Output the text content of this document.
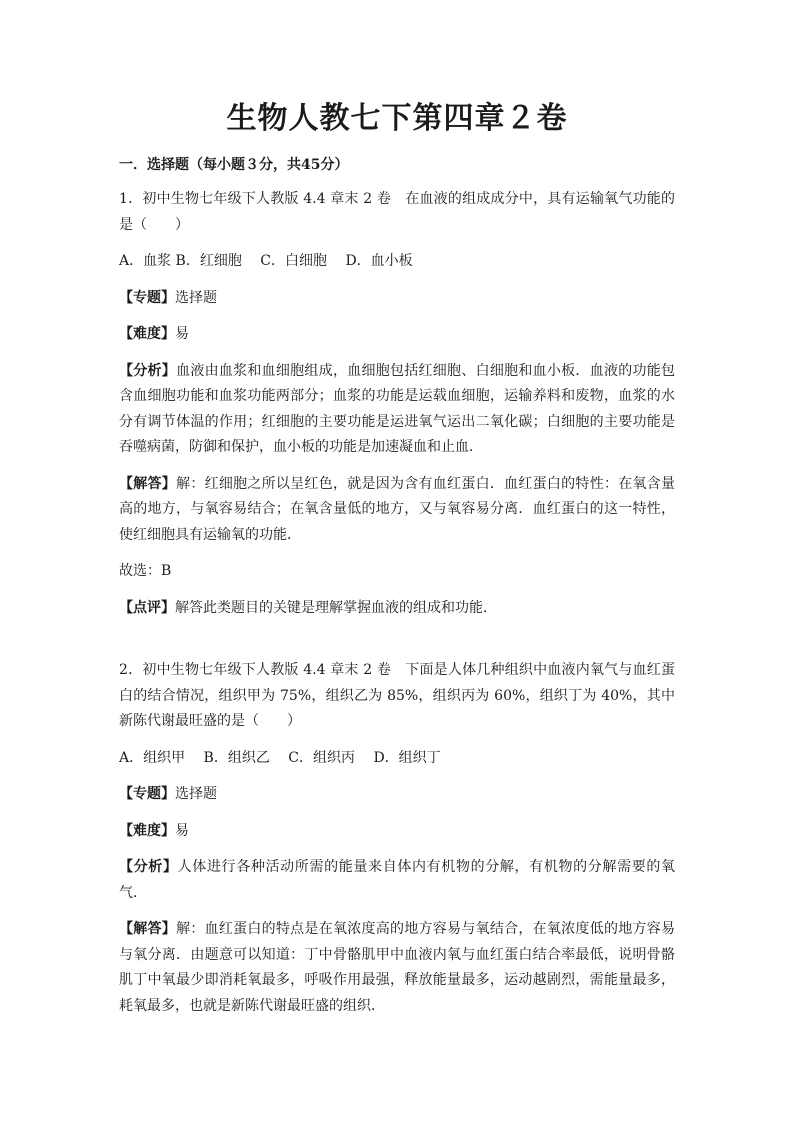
生物人教七下第四章２卷
一．选择题（每小题３分，共45分）

1．初中生物七年级下人教版 4.4 章末 2 卷　在血液的组成成分中，具有运输氧气功能的是（　　）

A．血浆 B．红细胞　 C．白细胞　 D．血小板

【专题】选择题

【难度】易

【分析】血液由血浆和血细胞组成，血细胞包括红细胞、白细胞和血小板．血液的功能包含血细胞功能和血浆功能两部分；血浆的功能是运载血细胞，运输养料和废物，血浆的水分有调节体温的作用；红细胞的主要功能是运进氧气运出二氧化碳；白细胞的主要功能是吞噬病菌，防御和保护，血小板的功能是加速凝血和止血．

【解答】解：红细胞之所以呈红色，就是因为含有血红蛋白．血红蛋白的特性：在氧含量高的地方，与氧容易结合；在氧含量低的地方，又与氧容易分离．血红蛋白的这一特性，使红细胞具有运输氧的功能．

故选：B

【点评】解答此类题目的关键是理解掌握血液的组成和功能．

2．初中生物七年级下人教版 4.4 章末 2 卷　下面是人体几种组织中血液内氧气与血红蛋白的结合情况，组织甲为 75%，组织乙为 85%，组织丙为 60%，组织丁为 40%，其中新陈代谢最旺盛的是（　　）

A．组织甲　 B．组织乙　 C．组织丙　 D．组织丁

【专题】选择题

【难度】易

【分析】人体进行各种活动所需的能量来自体内有机物的分解，有机物的分解需要的氧气．

【解答】解：血红蛋白的特点是在氧浓度高的地方容易与氧结合，在氧浓度低的地方容易与氧分离．由题意可以知道：丁中骨骼肌甲中血液内氧与血红蛋白结合率最低，说明骨骼肌丁中氧最少即消耗氧最多，呼吸作用最强，释放能量最多，运动越剧烈，需能量最多，耗氧最多，也就是新陈代谢最旺盛的组织．
